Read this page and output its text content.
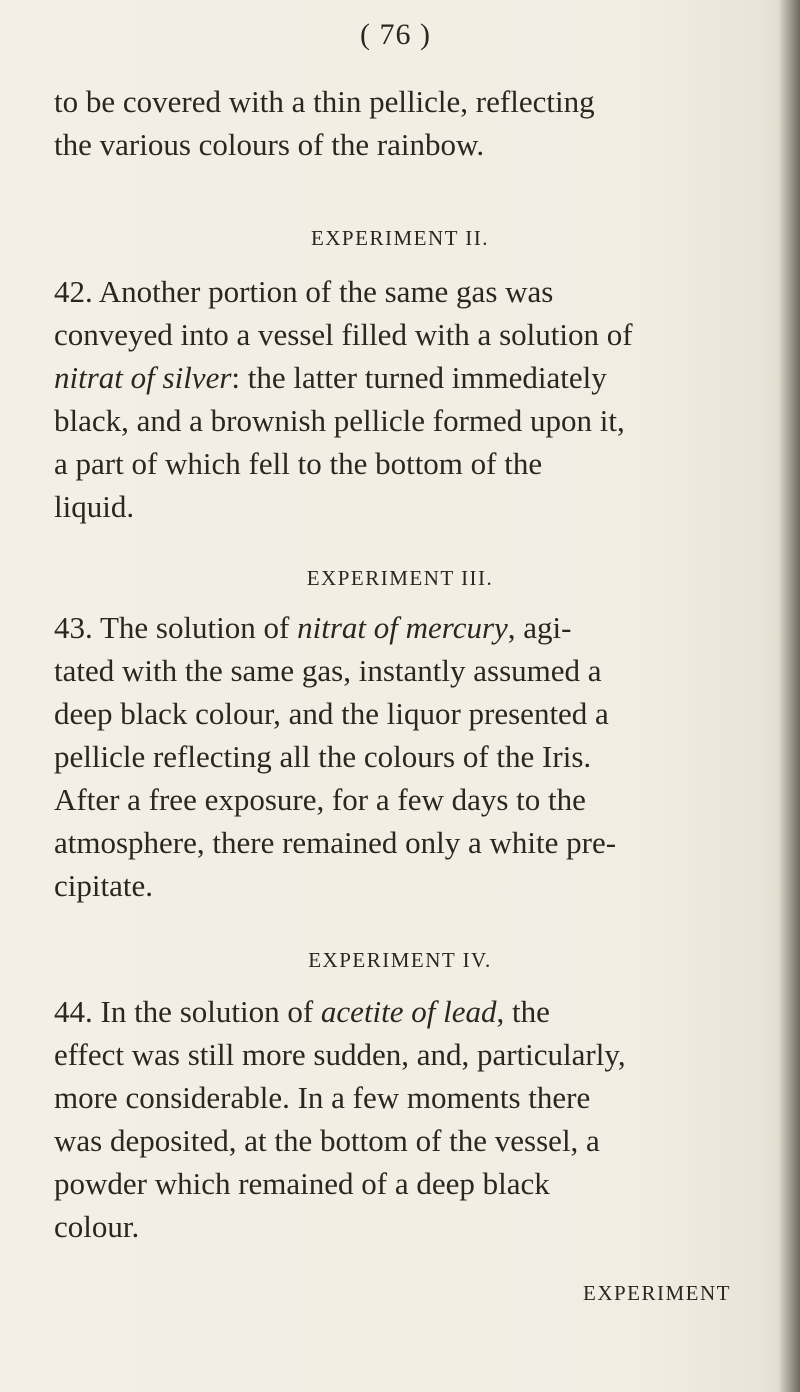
( 76 )
to be covered with a thin pellicle, reflecting
the various colours of the rainbow.
EXPERIMENT II.
42. Another portion of the same gas was
conveyed into a vessel filled with a solution of
nitrat of silver: the latter turned immediately
black, and a brownish pellicle formed upon it,
a part of which fell to the bottom of the
liquid.
EXPERIMENT III.
43. The solution of nitrat of mercury, agi-
tated with the same gas, instantly assumed a
deep black colour, and the liquor presented a
pellicle reflecting all the colours of the Iris.
After a free exposure, for a few days to the
atmosphere, there remained only a white pre-
cipitate.
EXPERIMENT IV.
44. In the solution of acetite of lead, the
effect was still more sudden, and, particularly,
more considerable. In a few moments there
was deposited, at the bottom of the vessel, a
powder which remained of a deep black
colour.
EXPERIMENT
